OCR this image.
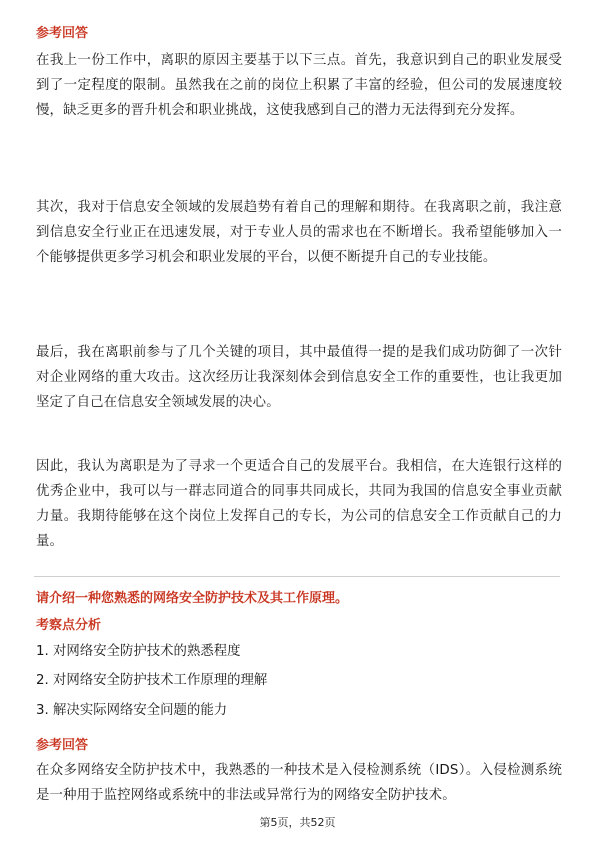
参考回答

在我上一份工作中，离职的原因主要基于以下三点。首先，我意识到自己的职业发展受到了一定程度的限制。虽然我在之前的岗位上积累了丰富的经验，但公司的发展速度较慢，缺乏更多的晋升机会和职业挑战，这使我感到自己的潜力无法得到充分发挥。

其次，我对于信息安全领域的发展趋势有着自己的理解和期待。在我离职之前，我注意到信息安全行业正在迅速发展，对于专业人员的需求也在不断增长。我希望能够加入一个能够提供更多学习机会和职业发展的平台，以便不断提升自己的专业技能。

最后，我在离职前参与了几个关键的项目，其中最值得一提的是我们成功防御了一次针对企业网络的重大攻击。这次经历让我深刻体会到信息安全工作的重要性，也让我更加坚定了自己在信息安全领域发展的决心。

因此，我认为离职是为了寻求一个更适合自己的发展平台。我相信，在大连银行这样的优秀企业中，我可以与一群志同道合的同事共同成长，共同为我国的信息安全事业贡献力量。我期待能够在这个岗位上发挥自己的专长，为公司的信息安全工作贡献自己的力量。

请介绍一种您熟悉的网络安全防护技术及其工作原理。

考察点分析

1. 对网络安全防护技术的熟悉程度

2. 对网络安全防护技术工作原理的理解

3. 解决实际网络安全问题的能力

参考回答

在众多网络安全防护技术中，我熟悉的一种技术是入侵检测系统（IDS）。入侵检测系统是一种用于监控网络或系统中的非法或异常行为的网络安全防护技术。

第5页，共52页
